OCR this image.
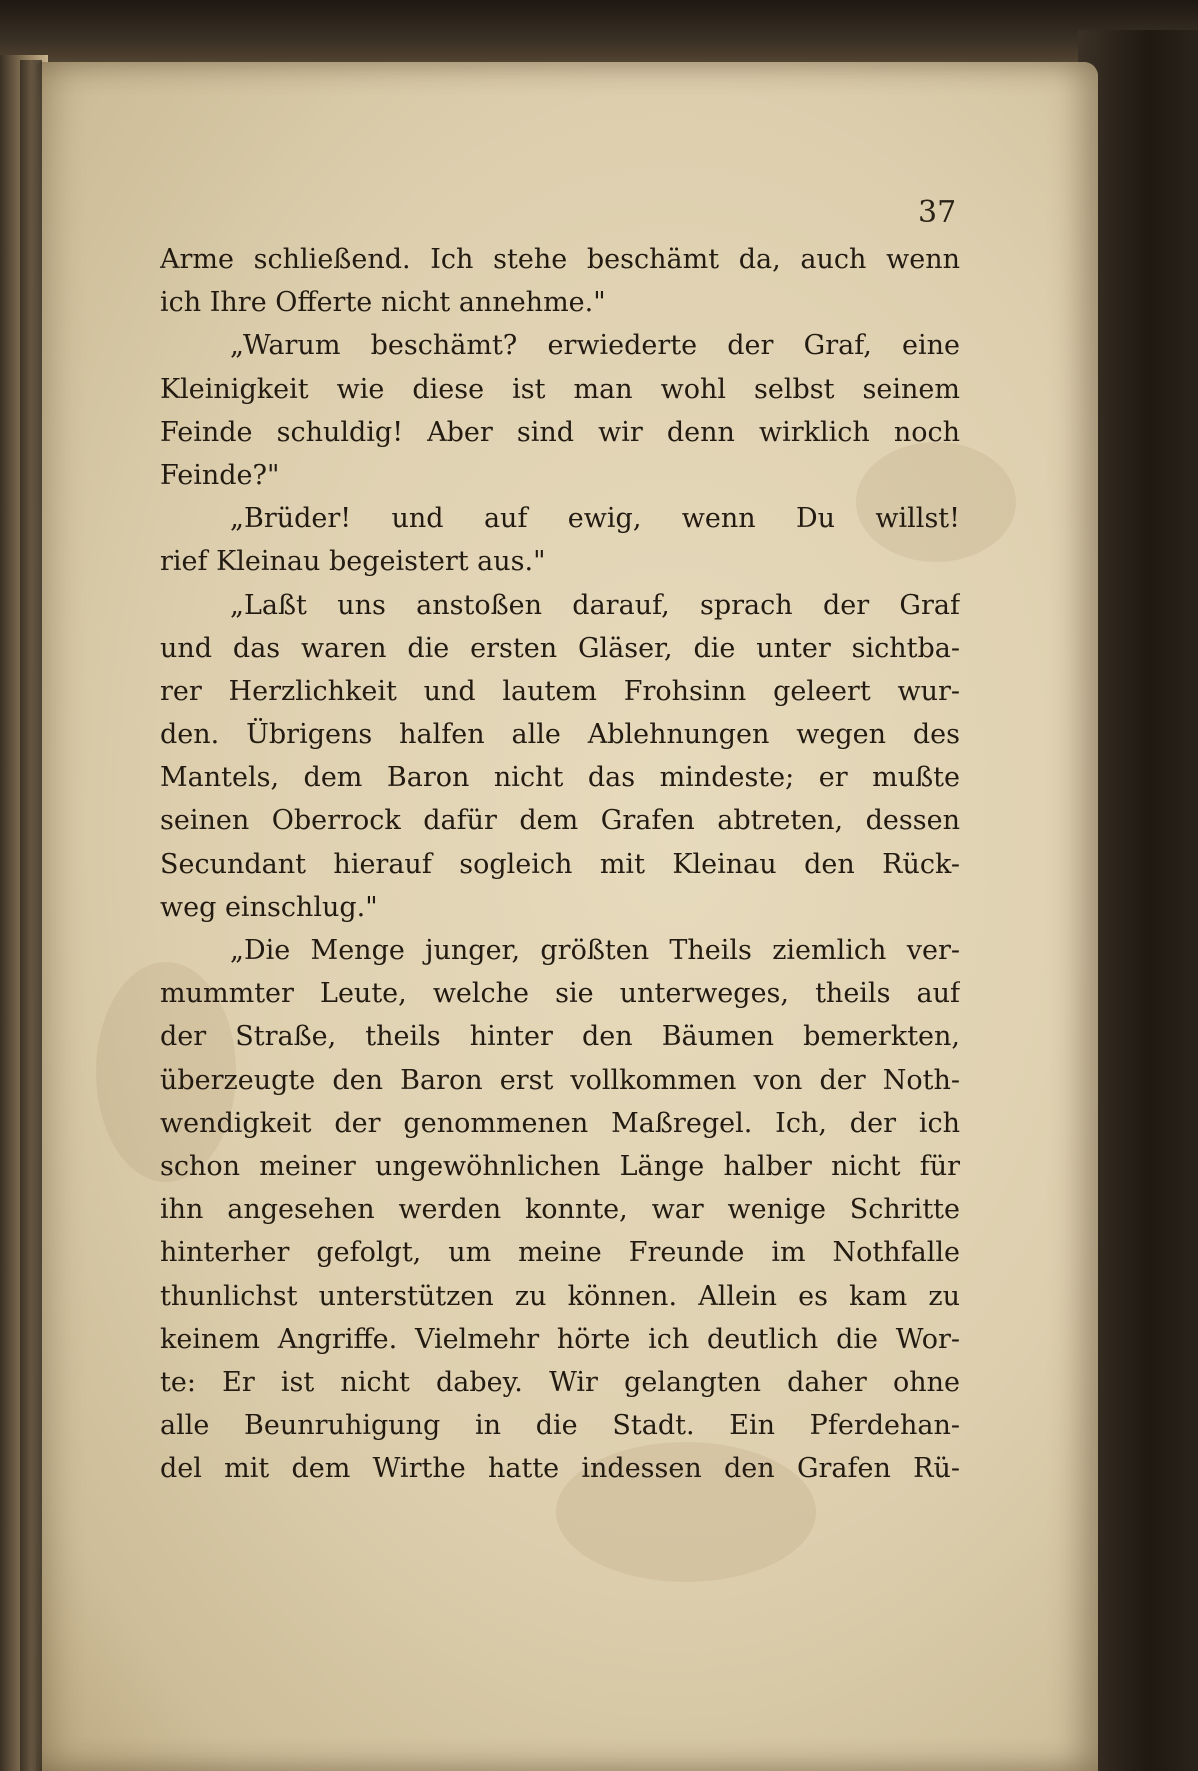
37

Arme schließend. Ich stehe beschämt da, auch wenn
ich Ihre Offerte nicht annehme."
„Warum beschämt? erwiederte der Graf, eine
Kleinigkeit wie diese ist man wohl selbst seinem
Feinde schuldig! Aber sind wir denn wirklich noch
Feinde?"
„Brüder! und auf ewig, wenn Du willst!
rief Kleinau begeistert aus."
„Laßt uns anstoßen darauf, sprach der Graf
und das waren die ersten Gläser, die unter sichtba-
rer Herzlichkeit und lautem Frohsinn geleert wur-
den. Übrigens halfen alle Ablehnungen wegen des
Mantels, dem Baron nicht das mindeste; er mußte
seinen Oberrock dafür dem Grafen abtreten, dessen
Secundant hierauf sogleich mit Kleinau den Rück-
weg einschlug."
„Die Menge junger, größten Theils ziemlich ver-
mummter Leute, welche sie unterweges, theils auf
der Straße, theils hinter den Bäumen bemerkten,
überzeugte den Baron erst vollkommen von der Noth-
wendigkeit der genommenen Maßregel. Ich, der ich
schon meiner ungewöhnlichen Länge halber nicht für
ihn angesehen werden konnte, war wenige Schritte
hinterher gefolgt, um meine Freunde im Nothfalle
thunlichst unterstützen zu können. Allein es kam zu
keinem Angriffe. Vielmehr hörte ich deutlich die Wor-
te: Er ist nicht dabey. Wir gelangten daher ohne
alle Beunruhigung in die Stadt. Ein Pferdehan-
del mit dem Wirthe hatte indessen den Grafen Rü-
